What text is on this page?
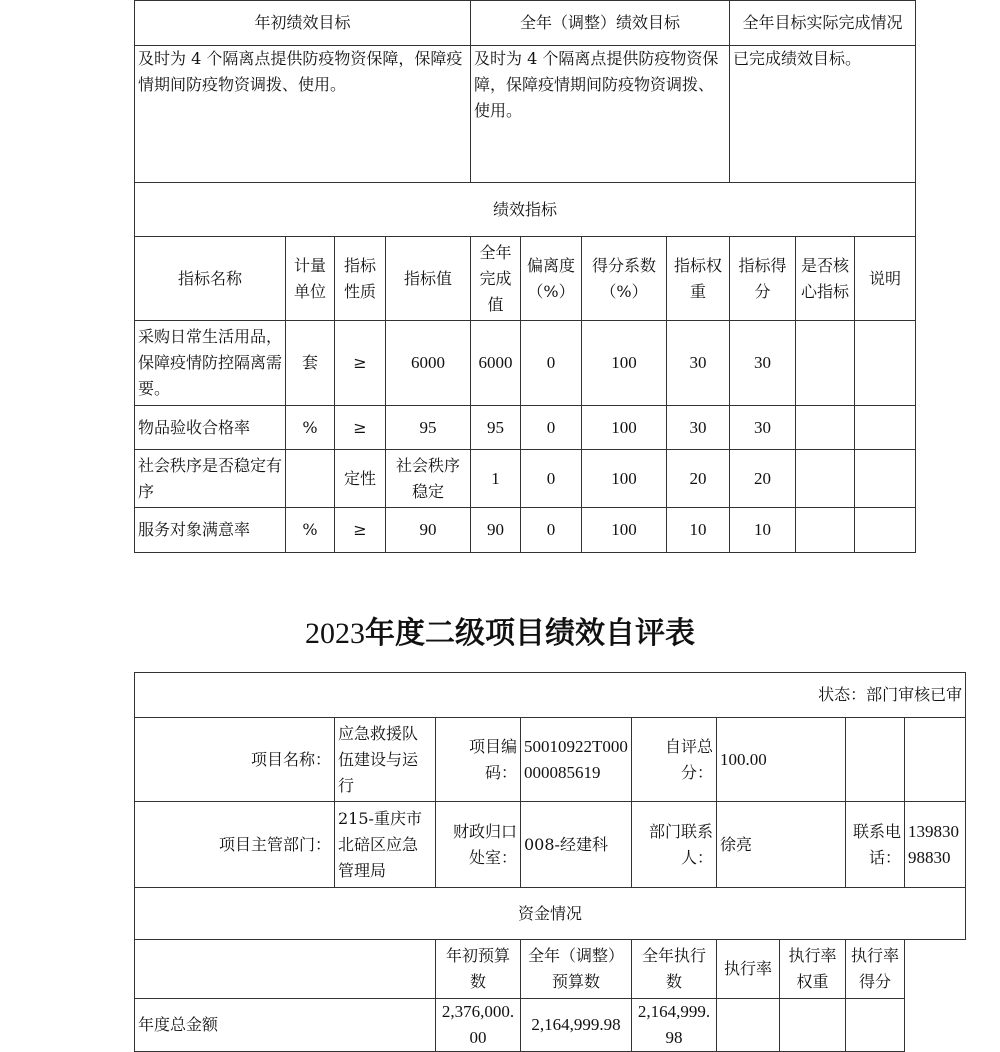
年初绩效目标				全年（调整）绩效目标				全年目标实际完成情况		
及时为 4 个隔离点提供防疫物资保障，保障疫情期间防疫物资调拨、使用。				及时为 4 个隔离点提供防疫物资保障，保障疫情期间防疫物资调拨、使用。				已完成绩效目标。		
绩效指标										
指标名称	计量单位	指标性质	指标值	全年完成值	偏离度（%）	得分系数（%）	指标权重	指标得分	是否核心指标	说明
采购日常生活用品，保障疫情防控隔离需要。	套	≥	6000	6000	0	100	30	30		
物品验收合格率	%	≥	95	95	0	100	30	30		
社会秩序是否稳定有序		定性	社会秩序稳定	1	0	100	20	20		
服务对象满意率	%	≥	90	90	0	100	10	10		
2023年度二级项目绩效自评表
状态：部门审核已审								
项目名称：	应急救援队伍建设与运行	项目编码：	50010922T000000085619	自评总分：	100.00			
项目主管部门：	215-重庆市北碚区应急管理局	财政归口处室：	008-经建科	部门联系人：	徐亮		联系电话：	13983098830
资金情况								
		年初预算数	全年（调整）预算数	全年执行数	执行率	执行率权重	执行率得分	
年度总金额		2,376,000.00	2,164,999.98	2,164,999.98				
